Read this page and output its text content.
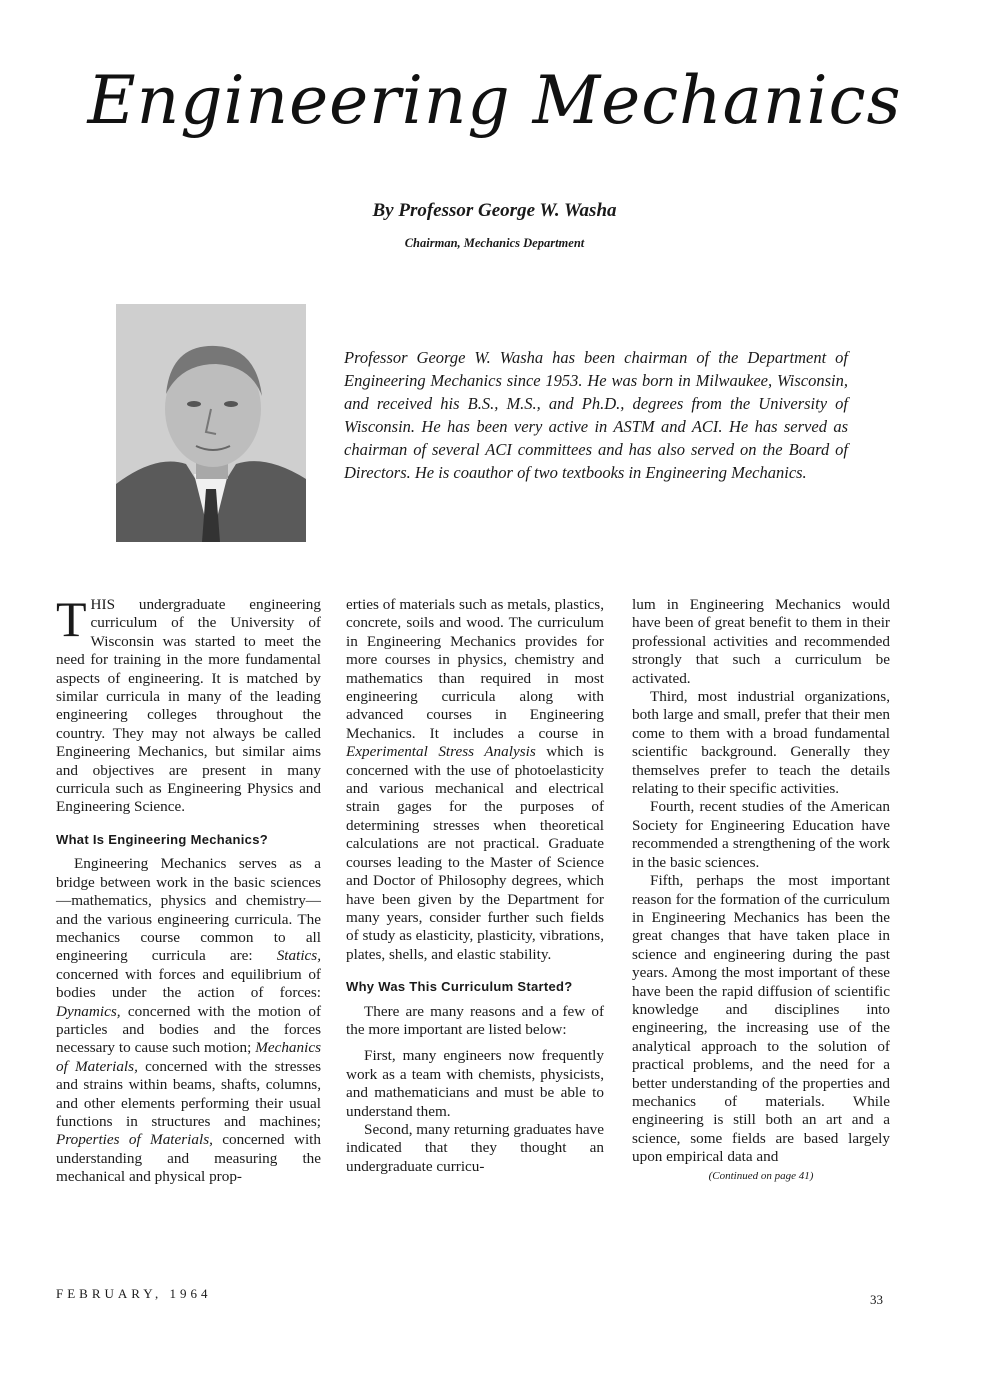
Engineering Mechanics
By Professor George W. Washa
Chairman, Mechanics Department
Professor George W. Washa has been chairman of the Department of Engineering Mechanics since 1953. He was born in Milwaukee, Wisconsin, and received his B.S., M.S., and Ph.D., degrees from the University of Wisconsin. He has been very active in ASTM and ACI. He has served as chairman of several ACI committees and has also served on the Board of Directors. He is coauthor of two textbooks in Engineering Mechanics.

THIS undergraduate engineering curriculum of the University of Wisconsin was started to meet the need for training in the more fundamental aspects of engineering. It is matched by similar curricula in many of the leading engineering colleges throughout the country. They may not always be called Engineering Mechanics, but similar aims and objectives are present in many curricula such as Engineering Physics and Engineering Science.

What Is Engineering Mechanics?

Engineering Mechanics serves as a bridge between work in the basic sciences—mathematics, physics and chemistry—and the various engineering curricula. The mechanics course common to all engineering curricula are: Statics, concerned with forces and equilibrium of bodies under the action of forces: Dynamics, concerned with the motion of particles and bodies and the forces necessary to cause such motion; Mechanics of Materials, concerned with the stresses and strains within beams, shafts, columns, and other elements performing their usual functions in structures and machines; Properties of Materials, concerned with understanding and measuring the mechanical and physical prop-

erties of materials such as metals, plastics, concrete, soils and wood. The curriculum in Engineering Mechanics provides for more courses in physics, chemistry and mathematics than required in most engineering curricula along with advanced courses in Engineering Mechanics. It includes a course in Experimental Stress Analysis which is concerned with the use of photoelasticity and various mechanical and electrical strain gages for the purposes of determining stresses when theoretical calculations are not practical. Graduate courses leading to the Master of Science and Doctor of Philosophy degrees, which have been given by the Department for many years, consider further such fields of study as elasticity, plasticity, vibrations, plates, shells, and elastic stability.

Why Was This Curriculum Started?

There are many reasons and a few of the more important are listed below:

First, many engineers now frequently work as a team with chemists, physicists, and mathematicians and must be able to understand them.

Second, many returning graduates have indicated that they thought an undergraduate curricu-

lum in Engineering Mechanics would have been of great benefit to them in their professional activities and recommended strongly that such a curriculum be activated.

Third, most industrial organizations, both large and small, prefer that their men come to them with a broad fundamental scientific background. Generally they themselves prefer to teach the details relating to their specific activities.

Fourth, recent studies of the American Society for Engineering Education have recommended a strengthening of the work in the basic sciences.

Fifth, perhaps the most important reason for the formation of the curriculum in Engineering Mechanics has been the great changes that have taken place in science and engineering during the past years. Among the most important of these have been the rapid diffusion of scientific knowledge and disciplines into engineering, the increasing use of the analytical approach to the solution of practical problems, and the need for a better understanding of the properties and mechanics of materials. While engineering is still both an art and a science, some fields are based largely upon empirical data and

(Continued on page 41)

FEBRUARY, 1964	33
